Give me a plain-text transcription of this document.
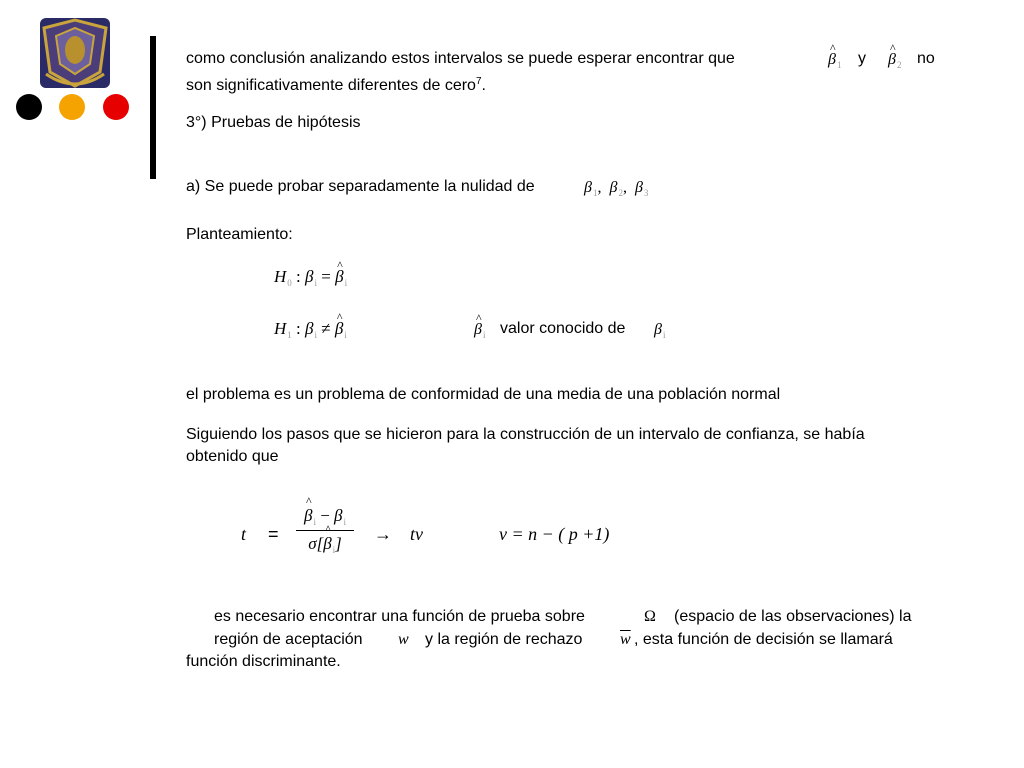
como conclusión analizando estos intervalos se puede esperar encontrar que	^ $\beta_1$ y ^ $\beta_2$ no
son significativamente diferentes de cero$^7$.
3°) Pruebas de hipótesis
a) Se puede probar separadamente la nulidad de	$\beta_1$, $\beta_2$, $\beta_3$
Planteamiento:
$H_0$ : $\beta_i$ = ^ $\beta_i$
$H_1$ : $\beta_i$ ≠ ^ $\beta_i$	^ $\beta_i$ valor conocido de $\beta_i$
el problema es un problema de conformidad de una media de una población normal
Siguiendo los pasos que se hicieron para la construcción de un intervalo de confianza, se había
obtenido que
t =
^ $\beta_i - \beta_i$
σ[^ $\beta_i$]	→ tν	ν = n − ( p +1)
es necesario encontrar una función de prueba sobre	Ω (espacio de las observaciones) la
región de aceptación w y la región de rechazo $\overline{w}$ , esta función de decisión se llamará
función discriminante.
